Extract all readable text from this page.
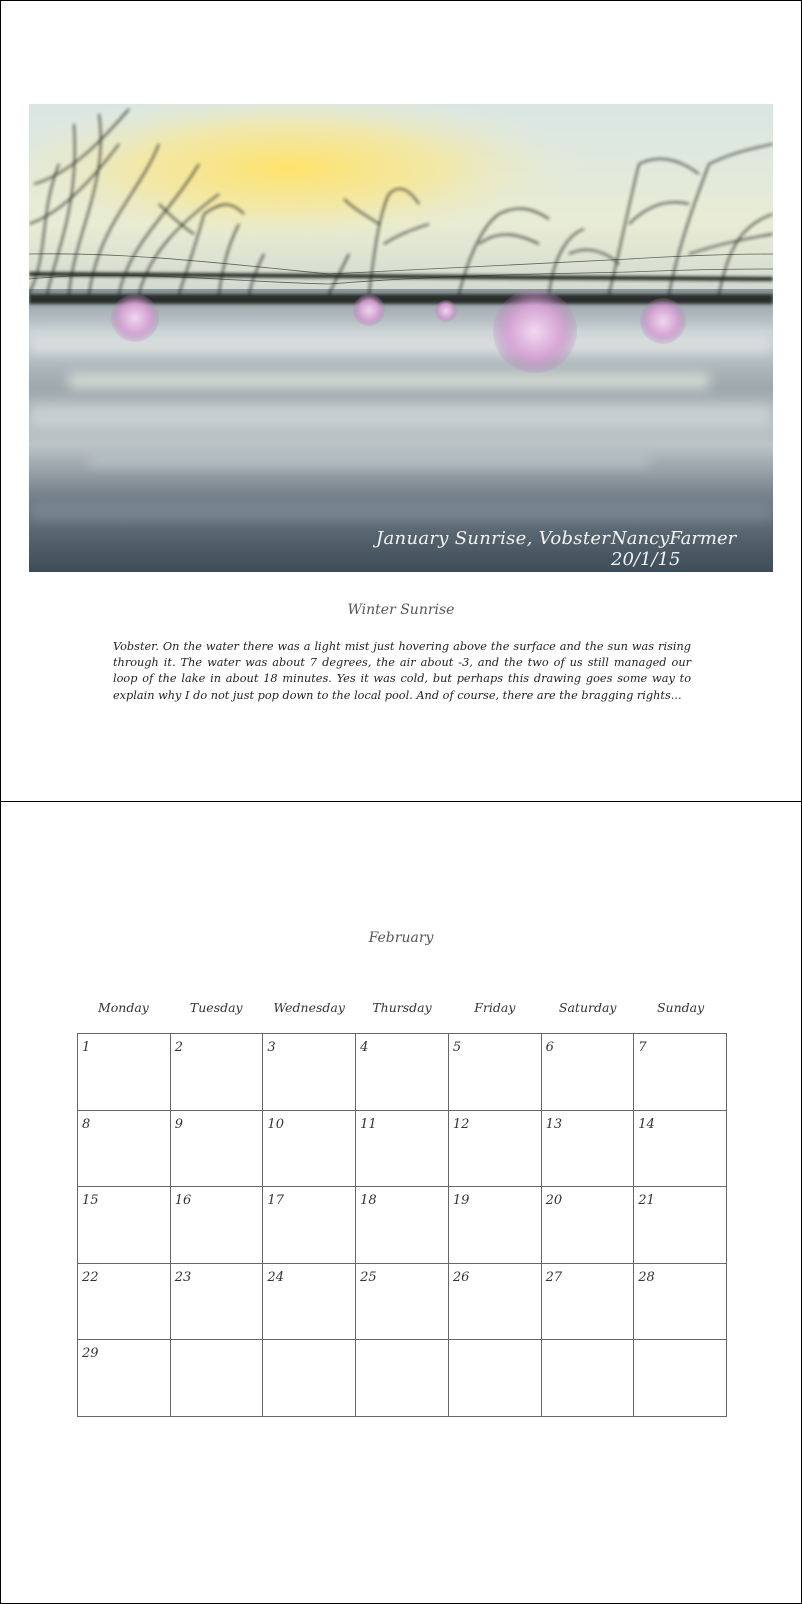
January Sunrise, Vobster NancyFarmer 20/1/15
Winter Sunrise
Vobster. On the water there was a light mist just hovering above the surface and the sun was rising through it. The water was about 7 degrees, the air about -3, and the two of us still managed our loop of the lake in about 18 minutes. Yes it was cold, but perhaps this drawing goes some way to explain why I do not just pop down to the local pool. And of course, there are the bragging rights...
February
Monday	Tuesday	Wednesday	Thursday	Friday	Saturday	Sunday
1	2	3	4	5	6	7
8	9	10	11	12	13	14
15	16	17	18	19	20	21
22	23	24	25	26	27	28
29
